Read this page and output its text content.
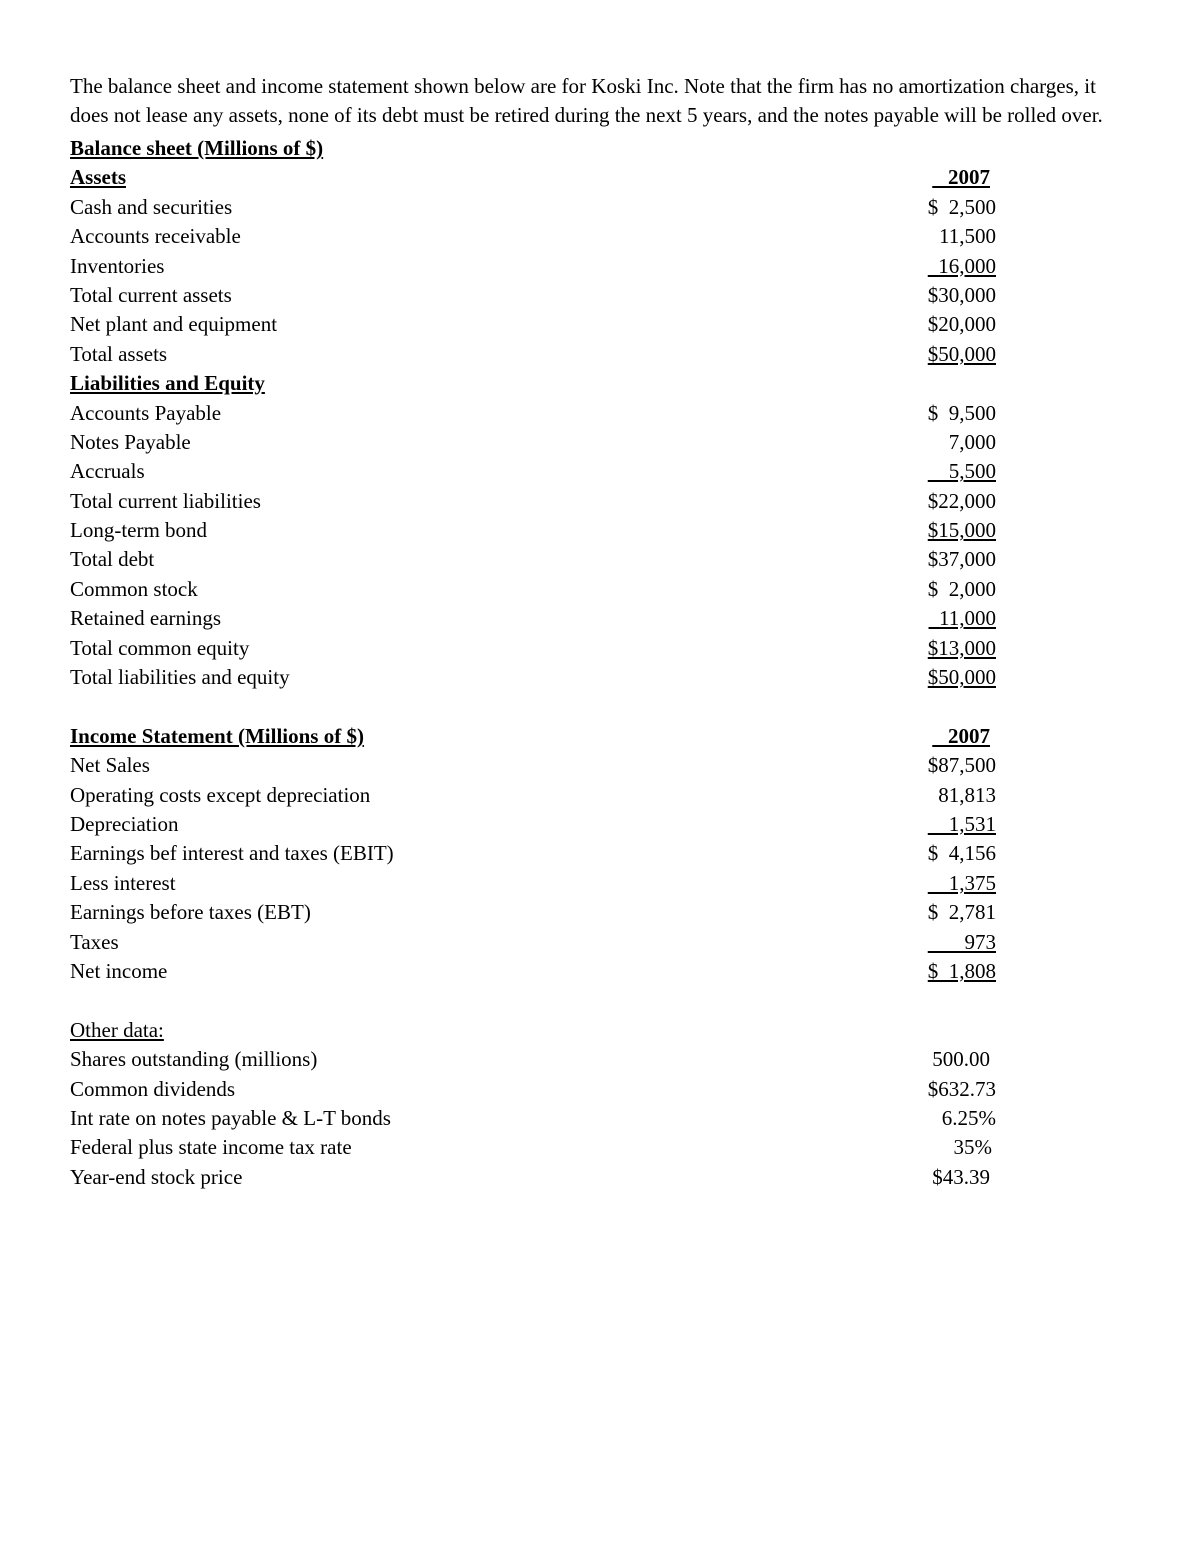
The balance sheet and income statement shown below are for Koski Inc. Note that the firm has no amortization charges, it does not lease any assets, none of its debt must be retired during the next 5 years, and the notes payable will be rolled over.

Balance sheet (Millions of $)
Assets	2007
Cash and securities	$  2,500
Accounts receivable	11,500
Inventories	16,000
Total current assets	$30,000
Net plant and equipment	$20,000
Total assets	$50,000
Liabilities and Equity
Accounts Payable	$  9,500
Notes Payable	7,000
Accruals	5,500
Total current liabilities	$22,000
Long-term bond	$15,000
Total debt	$37,000
Common stock	$  2,000
Retained earnings	11,000
Total common equity	$13,000
Total liabilities and equity	$50,000
Income Statement (Millions of $)	2007
Net Sales	$87,500
Operating costs except depreciation	81,813
Depreciation	1,531
Earnings bef interest and taxes (EBIT)	$  4,156
Less interest	1,375
Earnings before taxes (EBT)	$  2,781
Taxes	973
Net income	$  1,808
Other data:
Shares outstanding (millions)	500.00
Common dividends	$632.73
Int rate on notes payable & L-T bonds	6.25%
Federal plus state income tax rate	35%
Year-end stock price	$43.39
